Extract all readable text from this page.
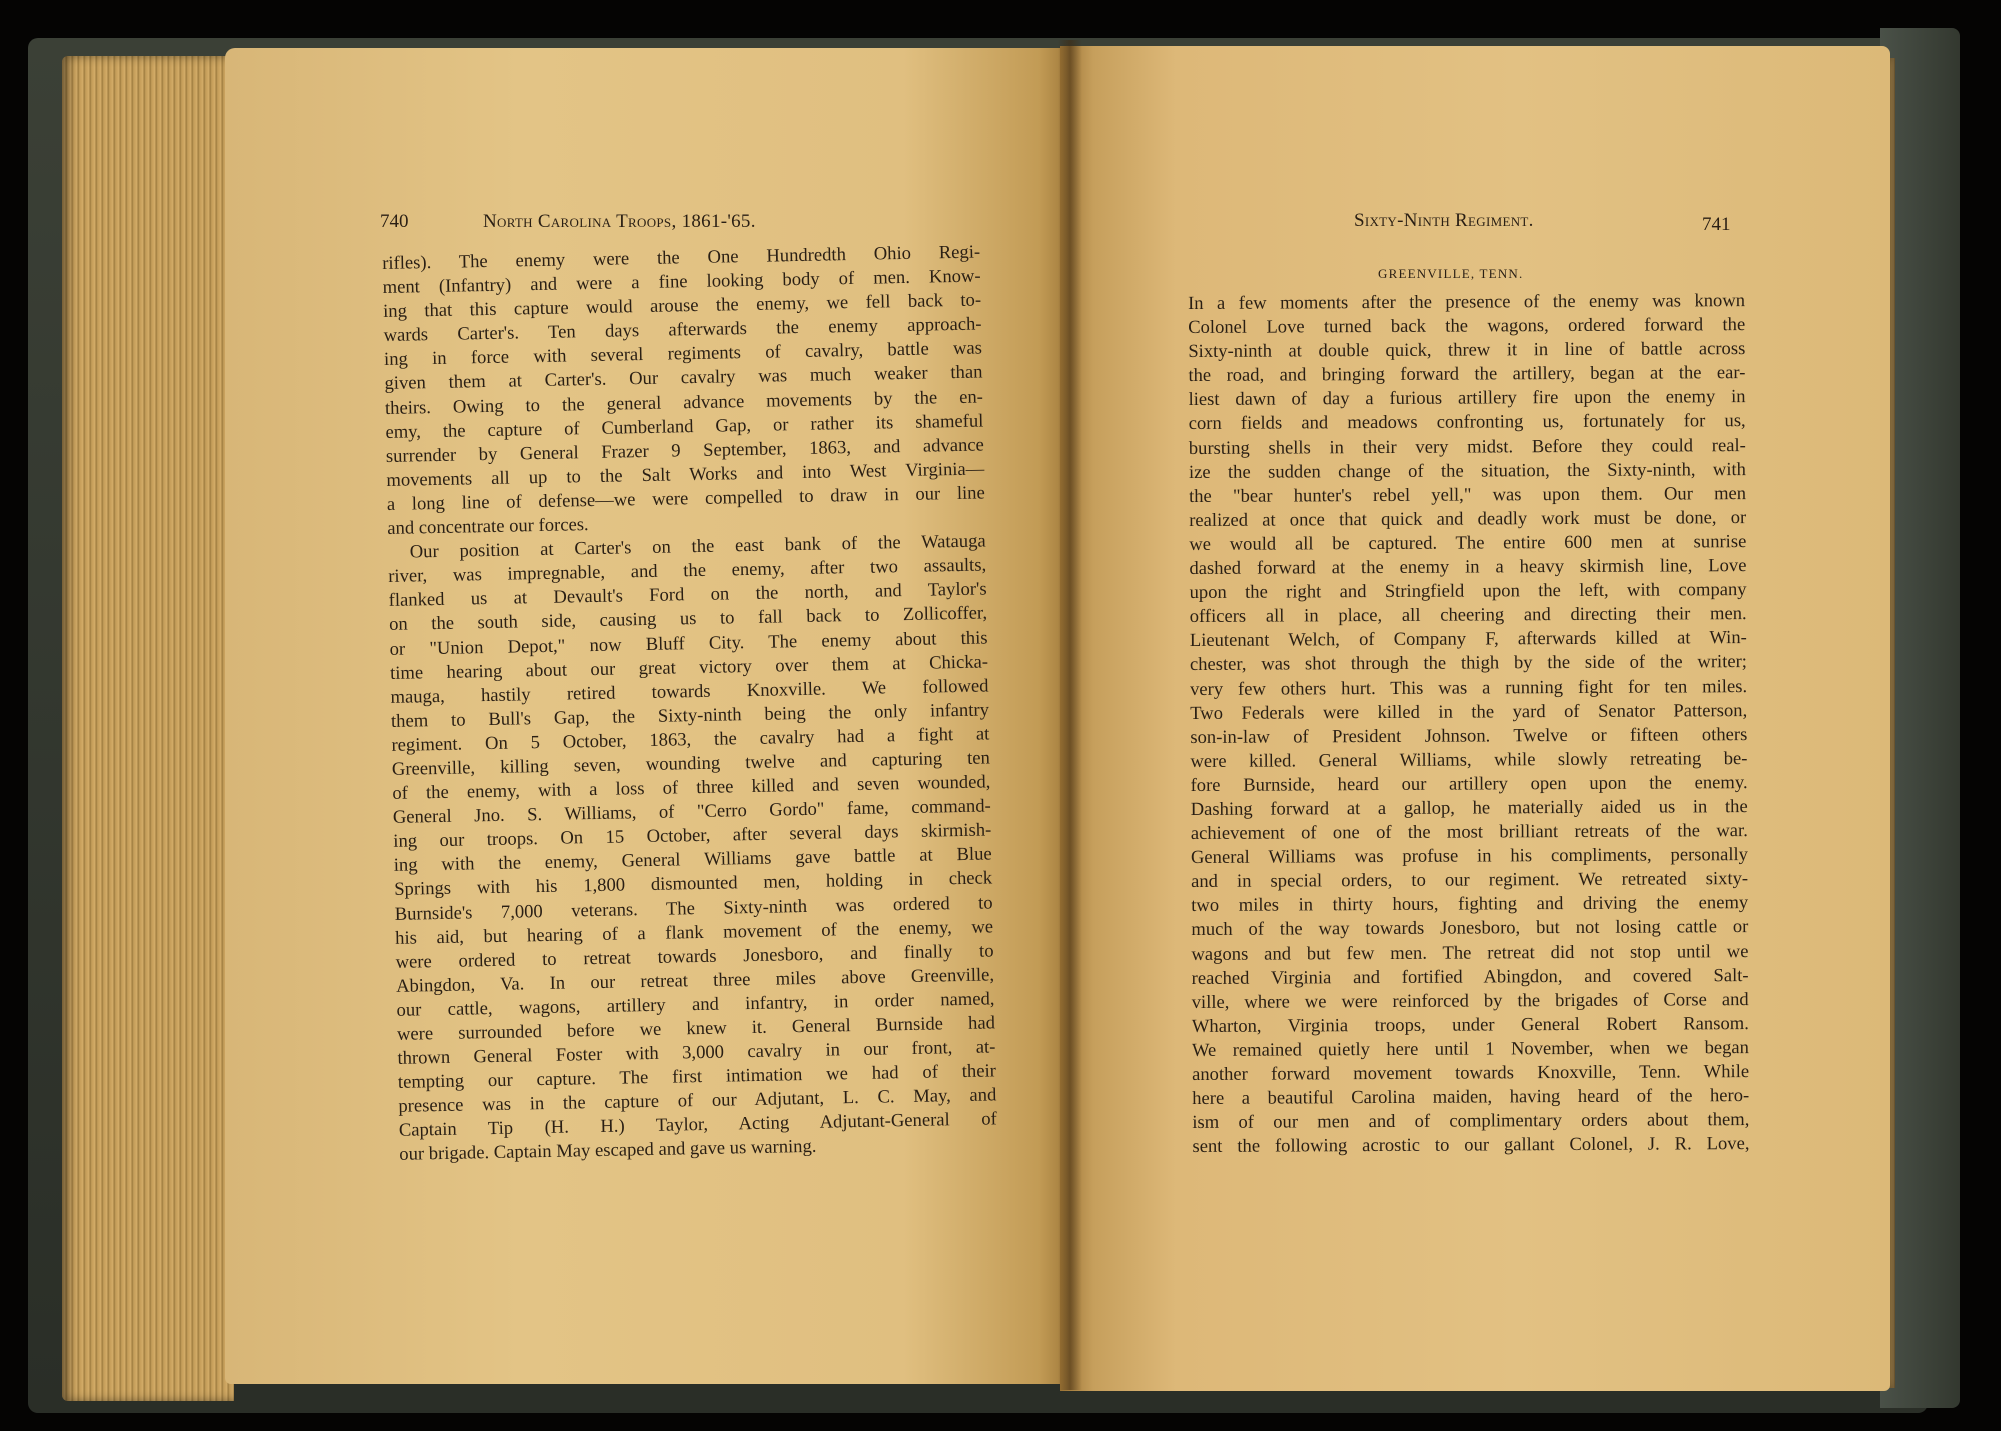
740	North Carolina Troops, 1861-'65.
rifles). The enemy were the One Hundredth Ohio Regi-
ment (Infantry) and were a fine looking body of men. Know-
ing that this capture would arouse the enemy, we fell back to-
wards Carter's. Ten days afterwards the enemy approach-
ing in force with several regiments of cavalry, battle was
given them at Carter's. Our cavalry was much weaker than
theirs. Owing to the general advance movements by the en-
emy, the capture of Cumberland Gap, or rather its shameful
surrender by General Frazer 9 September, 1863, and advance
movements all up to the Salt Works and into West Virginia—
a long line of defense—we were compelled to draw in our line
and concentrate our forces.
Our position at Carter's on the east bank of the Watauga
river, was impregnable, and the enemy, after two assaults,
flanked us at Devault's Ford on the north, and Taylor's
on the south side, causing us to fall back to Zollicoffer,
or "Union Depot," now Bluff City. The enemy about this
time hearing about our great victory over them at Chicka-
mauga, hastily retired towards Knoxville. We followed
them to Bull's Gap, the Sixty-ninth being the only infantry
regiment. On 5 October, 1863, the cavalry had a fight at
Greenville, killing seven, wounding twelve and capturing ten
of the enemy, with a loss of three killed and seven wounded,
General Jno. S. Williams, of "Cerro Gordo" fame, command-
ing our troops. On 15 October, after several days skirmish-
ing with the enemy, General Williams gave battle at Blue
Springs with his 1,800 dismounted men, holding in check
Burnside's 7,000 veterans. The Sixty-ninth was ordered to
his aid, but hearing of a flank movement of the enemy, we
were ordered to retreat towards Jonesboro, and finally to
Abingdon, Va. In our retreat three miles above Greenville,
our cattle, wagons, artillery and infantry, in order named,
were surrounded before we knew it. General Burnside had
thrown General Foster with 3,000 cavalry in our front, at-
tempting our capture. The first intimation we had of their
presence was in the capture of our Adjutant, L. C. May, and
Captain Tip (H. H.) Taylor, Acting Adjutant-General of
our brigade. Captain May escaped and gave us warning.
Sixty-Ninth Regiment.	741
GREENVILLE, TENN.
In a few moments after the presence of the enemy was known
Colonel Love turned back the wagons, ordered forward the
Sixty-ninth at double quick, threw it in line of battle across
the road, and bringing forward the artillery, began at the ear-
liest dawn of day a furious artillery fire upon the enemy in
corn fields and meadows confronting us, fortunately for us,
bursting shells in their very midst. Before they could real-
ize the sudden change of the situation, the Sixty-ninth, with
the "bear hunter's rebel yell," was upon them. Our men
realized at once that quick and deadly work must be done, or
we would all be captured. The entire 600 men at sunrise
dashed forward at the enemy in a heavy skirmish line, Love
upon the right and Stringfield upon the left, with company
officers all in place, all cheering and directing their men.
Lieutenant Welch, of Company F, afterwards killed at Win-
chester, was shot through the thigh by the side of the writer;
very few others hurt. This was a running fight for ten miles.
Two Federals were killed in the yard of Senator Patterson,
son-in-law of President Johnson. Twelve or fifteen others
were killed. General Williams, while slowly retreating be-
fore Burnside, heard our artillery open upon the enemy.
Dashing forward at a gallop, he materially aided us in the
achievement of one of the most brilliant retreats of the war.
General Williams was profuse in his compliments, personally
and in special orders, to our regiment. We retreated sixty-
two miles in thirty hours, fighting and driving the enemy
much of the way towards Jonesboro, but not losing cattle or
wagons and but few men. The retreat did not stop until we
reached Virginia and fortified Abingdon, and covered Salt-
ville, where we were reinforced by the brigades of Corse and
Wharton, Virginia troops, under General Robert Ransom.
We remained quietly here until 1 November, when we began
another forward movement towards Knoxville, Tenn. While
here a beautiful Carolina maiden, having heard of the hero-
ism of our men and of complimentary orders about them,
sent the following acrostic to our gallant Colonel, J. R. Love,
